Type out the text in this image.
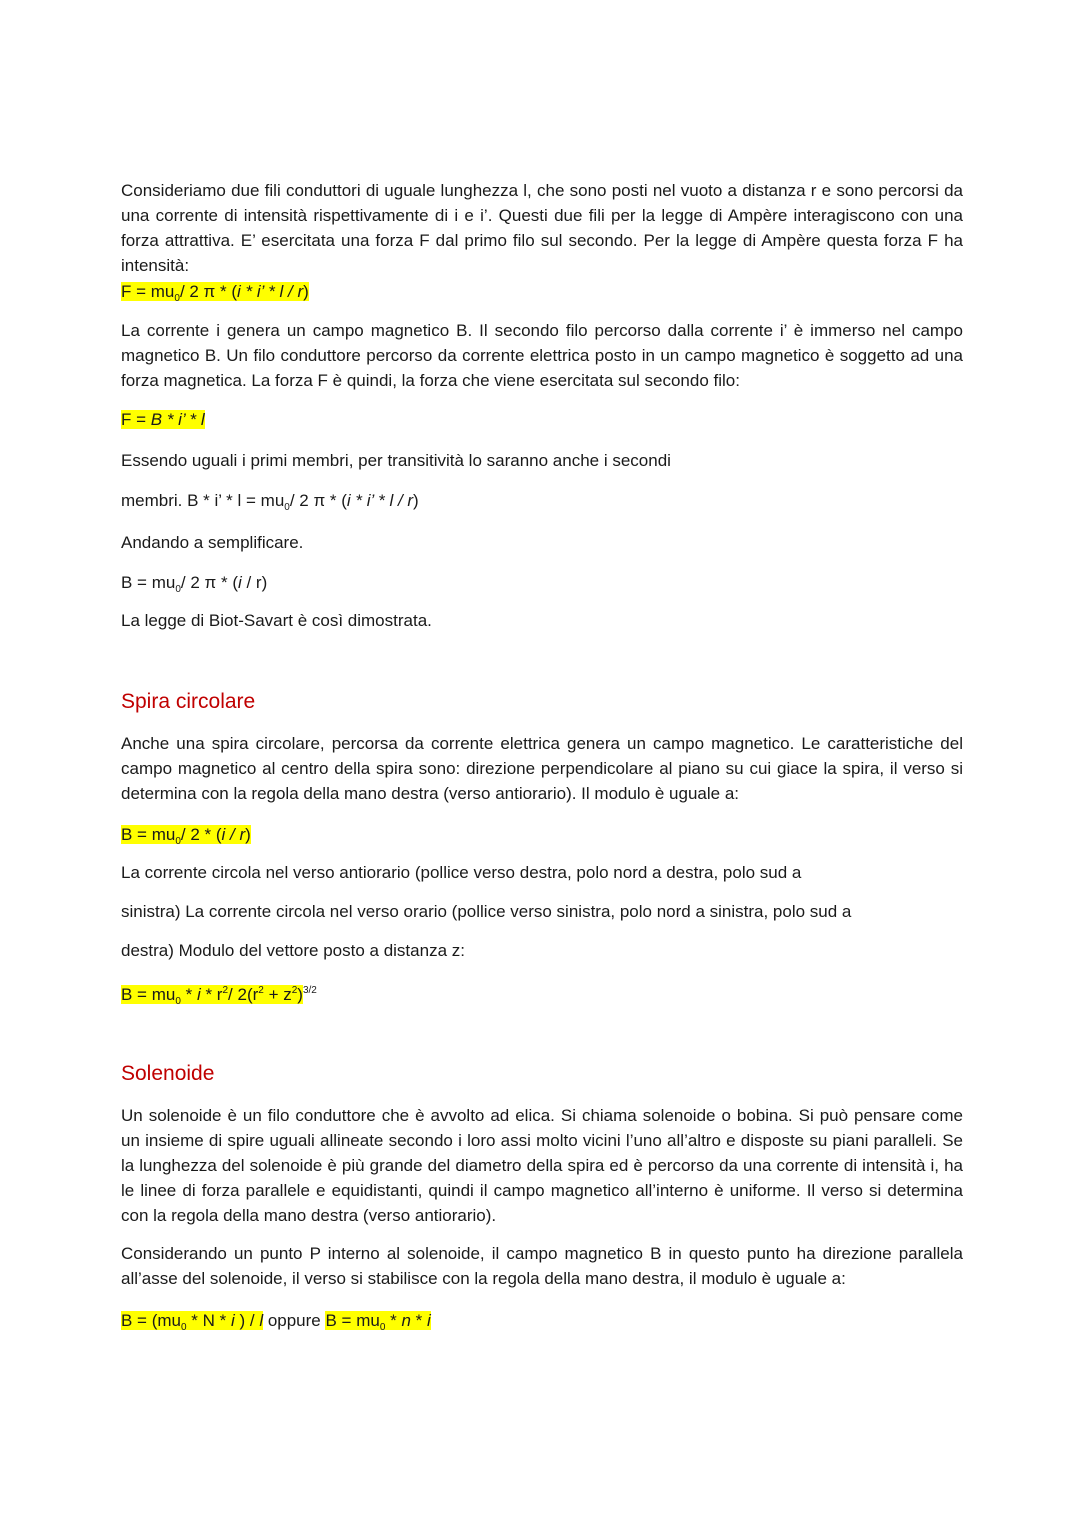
Consideriamo due fili conduttori di uguale lunghezza l, che sono posti nel vuoto a distanza r e sono percorsi da una corrente di intensità rispettivamente di i e i’. Questi due fili per la legge di Ampère interagiscono con una forza attrattiva. E’ esercitata una forza F dal primo filo sul secondo. Per la legge di Ampère questa forza F ha intensità:

$F = mu_0/$ 2 π * (i * i’ * l / r)

La corrente i genera un campo magnetico B. Il secondo filo percorso dalla corrente i’ è immerso nel campo magnetico B. Un filo conduttore percorso da corrente elettrica posto in un campo magnetico è soggetto ad una forza magnetica. La forza F è quindi, la forza che viene esercitata sul secondo filo:

F = B * i’ * l

Essendo uguali i primi membri, per transitività lo saranno anche i secondi

membri. B * i’ * $l = mu_0/$ 2 π * (i * i’ * l / r)

Andando a semplificare.

$B = mu_0/$ 2 π * (i / r)

La legge di Biot-Savart è così dimostrata.

Spira circolare

Anche una spira circolare, percorsa da corrente elettrica genera un campo magnetico. Le caratteristiche del campo magnetico al centro della spira sono: direzione perpendicolare al piano su cui giace la spira, il verso si determina con la regola della mano destra (verso antiorario). Il modulo è uguale a:

$B = mu_0/$ 2 * (i / r)

La corrente circola nel verso antiorario (pollice verso destra, polo nord a destra, polo sud a

sinistra) La corrente circola nel verso orario (pollice verso sinistra, polo nord a sinistra, polo sud a

destra) Modulo del vettore posto a distanza z:

$B = mu_0 * i * r^2/$ $2(r^2 + z^2)^{3/2}$
Solenoide

Un solenoide è un filo conduttore che è avvolto ad elica. Si chiama solenoide o bobina. Si può pensare come un insieme di spire uguali allineate secondo i loro assi molto vicini l’uno all’altro e disposte su piani paralleli. Se la lunghezza del solenoide è più grande del diametro della spira ed è percorso da una corrente di intensità i, ha le linee di forza parallele e equidistanti, quindi il campo magnetico all’interno è uniforme. Il verso si determina con la regola della mano destra (verso antiorario).

Considerando un punto P interno al solenoide, il campo magnetico B in questo punto ha direzione parallela all’asse del solenoide, il verso si stabilisce con la regola della mano destra, il modulo è uguale a:

$B = (mu_0 * N * i$ ) / l oppure $B = mu_0 * n * i$
